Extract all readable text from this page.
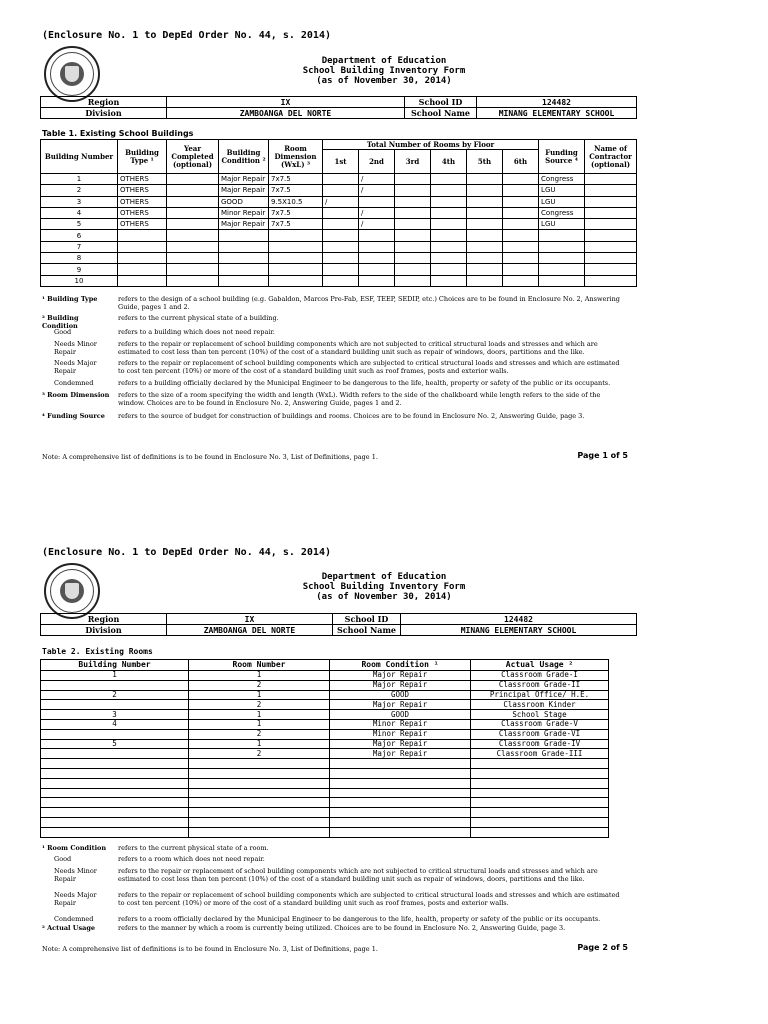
(Enclosure No. 1 to DepEd Order No. 44, s. 2014)
Department of Education
School Building Inventory Form
(as of November 30, 2014)
Region	IX	School ID	124482
Division	ZAMBOANGA DEL NORTE	School Name	MINANG ELEMENTARY SCHOOL
Table 1. Existing School Buildings
Building Number	Building Type ¹	Year Completed (optional)	Building Condition ²	Room Dimension (WxL) ³	Total Number of Rooms by Floor						Funding Source ⁴	Name of Contractor (optional)
					1st	2nd	3rd	4th	5th	6th		
1	OTHERS		Major Repair	7x7.5		/					Congress	
2	OTHERS		Major Repair	7x7.5		/					LGU	
3	OTHERS		GOOD	9.5X10.5	/						LGU	
4	OTHERS		Minor Repair	7x7.5		/					Congress	
5	OTHERS		Major Repair	7x7.5		/					LGU	
6												
7												
8												
9												
10												
¹ Building Type	refers to the design of a school building (e.g. Gabaldon, Marcos Pre-Fab, ESF, TEEP, SEDIP, etc.) Choices are to be found in Enclosure No. 2, Answering Guide, pages 1 and 2.
² Building Condition
refers to the current physical state of a building.
Good	refers to a building which does not need repair.
Needs Minor Repair
refers to the repair or replacement of school building components which are not subjected to critical structural loads and stresses and which are estimated to cost less than ten percent (10%) of the cost of a standard building unit such as repair of windows, doors, partitions and the like.
Needs Major Repair
refers to the repair or replacement of school building components which are subjected to critical structural loads and stresses and which are estimated to cost ten percent (10%) or more of the cost of a standard building unit such as roof frames, posts and exterior walls.
Condemned	refers to a building officially declared by the Municipal Engineer to be dangerous to the life, health, property or safety of the public or its occupants.
³ Room Dimension	refers to the size of a room specifying the width and length (WxL). Width refers to the side of the chalkboard while length refers to the side of the window. Choices are to be found in Enclosure No. 2, Answering Guide, pages 1 and 2.
⁴ Funding Source	refers to the source of budget for construction of buildings and rooms. Choices are to be found in Enclosure No. 2, Answering Guide, page 3.
Note: A comprehensive list of definitions is to be found in Enclosure No. 3, List of Definitions, page 1.	Page 1 of 5
(Enclosure No. 1 to DepEd Order No. 44, s. 2014)
Department of Education
School Building Inventory Form
(as of November 30, 2014)
Region	IX	School ID	124482
Division	ZAMBOANGA DEL NORTE	School Name	MINANG ELEMENTARY SCHOOL
Table 2. Existing Rooms
Building Number	Room Number	Room Condition ¹	Actual Usage ²
1	1	Major Repair	Classroom Grade-I
	2	Major Repair	Classroom Grade-II
2	1	GOOD	Principal Office/ H.E.
	2	Major Repair	Classroom Kinder
3	1	GOOD	School Stage
4	1	Minor Repair	Classroom Grade-V
	2	Minor Repair	Classroom Grade-VI
5	1	Major Repair	Classroom Grade-IV
	2	Major Repair	Classroom Grade-III

¹ Room Condition	refers to the current physical state of a room.
Good	refers to a room which does not need repair.
Needs Minor Repair
refers to the repair or replacement of school building components which are not subjected to critical structural loads and stresses and which are estimated to cost less than ten percent (10%) of the cost of a standard building unit such as repair of windows, doors, partitions and the like.
Needs Major Repair
refers to the repair or replacement of school building components which are subjected to critical structural loads and stresses and which are estimated to cost ten percent (10%) or more of the cost of a standard building unit such as roof frames, posts and exterior walls.
Condemned	refers to a room officially declared by the Municipal Engineer to be dangerous to the life, health, property or safety of the public or its occupants.
² Actual Usage	refers to the manner by which a room is currently being utilized. Choices are to be found in Enclosure No. 2, Answering Guide, page 3.
Note: A comprehensive list of definitions is to be found in Enclosure No. 3, List of Definitions, page 1.	Page 2 of 5
